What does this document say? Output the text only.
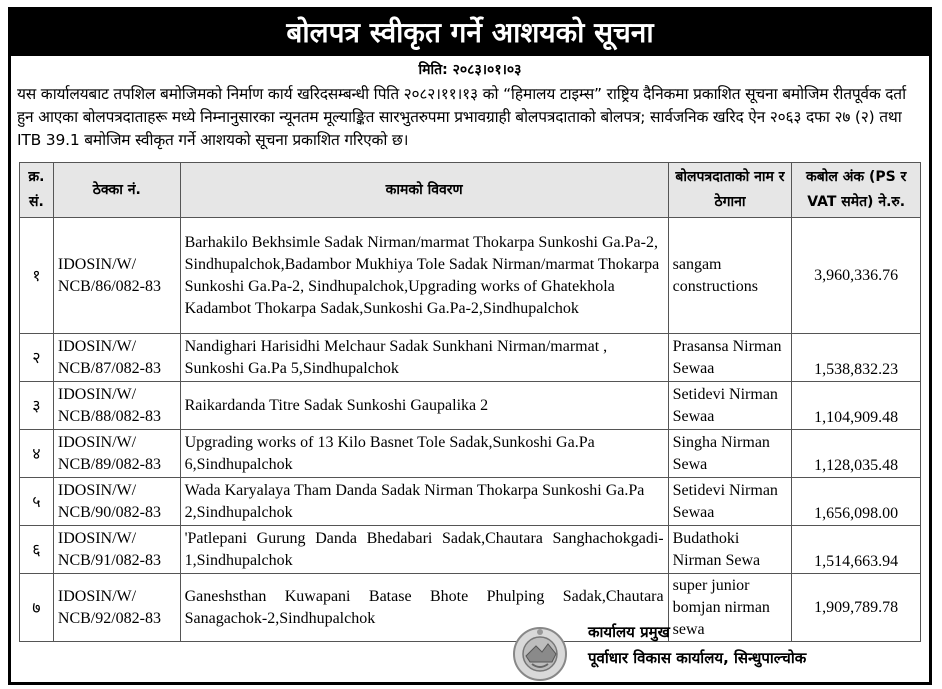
बोलपत्र स्वीकृत गर्ने आशयको सूचना
मिति: २०८३।०१।०३
यस कार्यालयबाट तपशिल बमोजिमको निर्माण कार्य खरिदसम्बन्धी पिति २०८२।११।१३ को “हिमालय टाइम्स” राष्ट्रिय दैनिकमा प्रकाशित सूचना बमोजिम रीतपूर्वक दर्ता हुन आएका बोलपत्रदाताहरू मध्ये निम्नानुसारका न्यूनतम मूल्याङ्कित सारभुतरुपमा प्रभावग्राही बोलपत्रदाताको बोलपत्र; सार्वजनिक खरिद ऐन २०६३ दफा २७ (२) तथा ITB 39.1 बमोजिम स्वीकृत गर्ने आशयको सूचना प्रकाशित गरिएको छ।
क्र. सं.	ठेक्का नं.	कामको विवरण	बोलपत्रदाताको नाम र ठेगाना	कबोल अंक (PS र VAT समेत) ने.रु.
१	IDOSIN/W/ NCB/86/082-83	Barhakilo Bekhsimle Sadak Nirman/marmat Thokarpa Sunkoshi Ga.Pa-2, Sindhupalchok,Badambor Mukhiya Tole Sadak Nirman/marmat Thokarpa Sunkoshi Ga.Pa-2, Sindhupalchok,Upgrading works of Ghatekhola Kadambot Thokarpa Sadak,Sunkoshi Ga.Pa-2,Sindhupalchok	sangam constructions	3,960,336.76
२	IDOSIN/W/ NCB/87/082-83	Nandighari Harisidhi Melchaur Sadak Sunkhani Nirman/marmat , Sunkoshi Ga.Pa 5,Sindhupalchok	Prasansa Nirman Sewaa	1,538,832.23
३	IDOSIN/W/ NCB/88/082-83	Raikardanda Titre Sadak Sunkoshi Gaupalika 2	Setidevi Nirman Sewaa	1,104,909.48
४	IDOSIN/W/ NCB/89/082-83	Upgrading works of 13 Kilo Basnet Tole Sadak,Sunkoshi Ga.Pa 6,Sindhupalchok	Singha Nirman Sewa	1,128,035.48
५	IDOSIN/W/ NCB/90/082-83	Wada Karyalaya Tham Danda Sadak Nirman Thokarpa Sunkoshi Ga.Pa 2,Sindhupalchok	Setidevi Nirman Sewaa	1,656,098.00
६	IDOSIN/W/ NCB/91/082-83	'Patlepani Gurung Danda Bhedabari Sadak,Chautara Sanghachokgadi-1,Sindhupalchok	Budathoki Nirman Sewa	1,514,663.94
७	IDOSIN/W/ NCB/92/082-83	Ganeshsthan Kuwapani Batase Bhote Phulping Sadak,Chautara Sanagachok-2,Sindhupalchok	super junior bomjan nirman sewa	1,909,789.78
कार्यालय प्रमुख
पूर्वाधार विकास कार्यालय, सिन्धुपाल्चोक
